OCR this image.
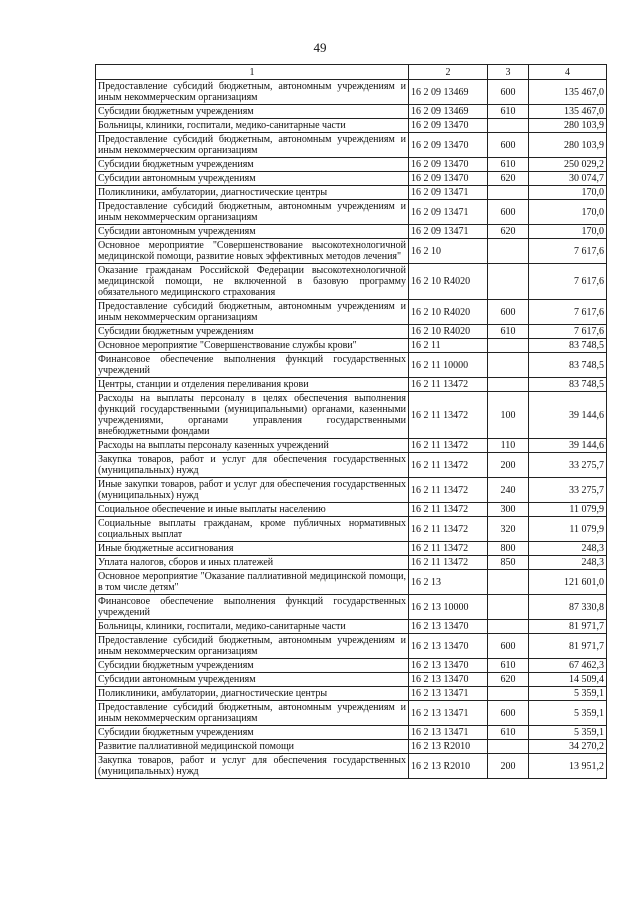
49
1	2	3	4
Предоставление субсидий бюджетным, автономным учреждениям и иным некоммерческим организациям	16 2 09 13469	600	135 467,0
Субсидии бюджетным учреждениям	16 2 09 13469	610	135 467,0
Больницы, клиники, госпитали, медико-санитарные части	16 2 09 13470		280 103,9
Предоставление субсидий бюджетным, автономным учреждениям и иным некоммерческим организациям	16 2 09 13470	600	280 103,9
Субсидии бюджетным учреждениям	16 2 09 13470	610	250 029,2
Субсидии автономным учреждениям	16 2 09 13470	620	30 074,7
Поликлиники, амбулатории, диагностические центры	16 2 09 13471		170,0
Предоставление субсидий бюджетным, автономным учреждениям и иным некоммерческим организациям	16 2 09 13471	600	170,0
Субсидии автономным учреждениям	16 2 09 13471	620	170,0
Основное мероприятие "Совершенствование высокотехнологичной медицинской помощи, развитие новых эффективных методов лечения"	16 2 10		7 617,6
Оказание гражданам Российской Федерации высокотехнологичной медицинской помощи, не включенной в базовую программу обязательного медицинского страхования	16 2 10 R4020		7 617,6
Предоставление субсидий бюджетным, автономным учреждениям и иным некоммерческим организациям	16 2 10 R4020	600	7 617,6
Субсидии бюджетным учреждениям	16 2 10 R4020	610	7 617,6
Основное мероприятие "Совершенствование службы крови"	16 2 11		83 748,5
Финансовое обеспечение выполнения функций государственных учреждений	16 2 11 10000		83 748,5
Центры, станции и отделения переливания крови	16 2 11 13472		83 748,5
Расходы на выплаты персоналу в целях обеспечения выполнения функций государственными (муниципальными) органами, казенными учреждениями, органами управления государственными внебюджетными фондами	16 2 11 13472	100	39 144,6
Расходы на выплаты персоналу казенных учреждений	16 2 11 13472	110	39 144,6
Закупка товаров, работ и услуг для обеспечения государственных (муниципальных) нужд	16 2 11 13472	200	33 275,7
Иные закупки товаров, работ и услуг для обеспечения государственных (муниципальных) нужд	16 2 11 13472	240	33 275,7
Социальное обеспечение и иные выплаты населению	16 2 11 13472	300	11 079,9
Социальные выплаты гражданам, кроме публичных нормативных социальных выплат	16 2 11 13472	320	11 079,9
Иные бюджетные ассигнования	16 2 11 13472	800	248,3
Уплата налогов, сборов и иных платежей	16 2 11 13472	850	248,3
Основное мероприятие "Оказание паллиативной медицинской помощи, в том числе детям"	16 2 13		121 601,0
Финансовое обеспечение выполнения функций государственных учреждений	16 2 13 10000		87 330,8
Больницы, клиники, госпитали, медико-санитарные части	16 2 13 13470		81 971,7
Предоставление субсидий бюджетным, автономным учреждениям и иным некоммерческим организациям	16 2 13 13470	600	81 971,7
Субсидии бюджетным учреждениям	16 2 13 13470	610	67 462,3
Субсидии автономным учреждениям	16 2 13 13470	620	14 509,4
Поликлиники, амбулатории, диагностические центры	16 2 13 13471		5 359,1
Предоставление субсидий бюджетным, автономным учреждениям и иным некоммерческим организациям	16 2 13 13471	600	5 359,1
Субсидии бюджетным учреждениям	16 2 13 13471	610	5 359,1
Развитие паллиативной медицинской помощи	16 2 13 R2010		34 270,2
Закупка товаров, работ и услуг для обеспечения государственных (муниципальных) нужд	16 2 13 R2010	200	13 951,2
